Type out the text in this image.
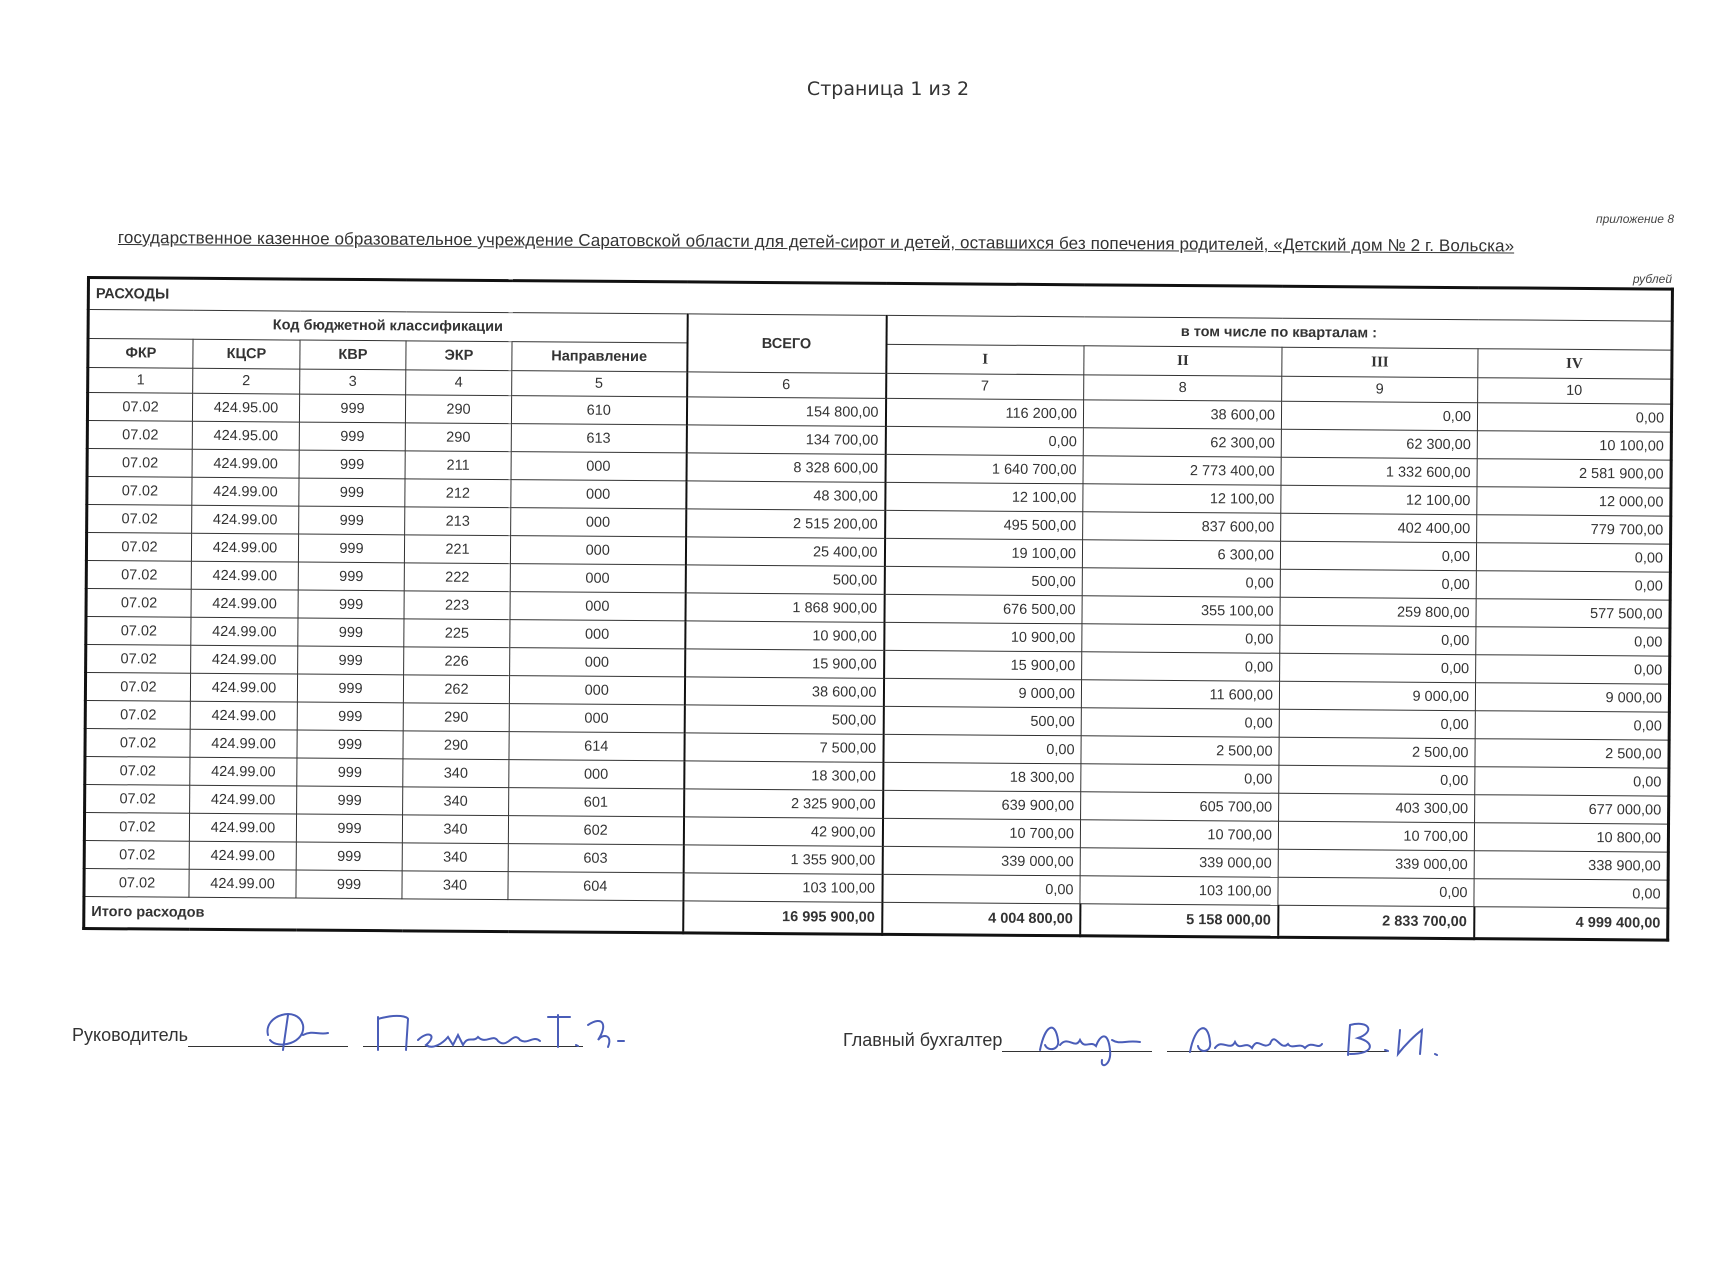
Страница 1 из 2
приложение 8
государственное казенное образовательное учреждение Саратовской области для детей-сирот и детей, оставшихся без попечения родителей, «Детский дом № 2 г. Вольска»
рублей
РАСХОДЫ									
Код бюджетной классификации					ВСЕГО	в том числе по кварталам :			
ФКР	КЦСР	КВР	ЭКР	Направление		I	II	III	IV
1	2	3	4	5	6	7	8	9	10
07.02	424.95.00	999	290	610	154 800,00	116 200,00	38 600,00	0,00	0,00
07.02	424.95.00	999	290	613	134 700,00	0,00	62 300,00	62 300,00	10 100,00
07.02	424.99.00	999	211	000	8 328 600,00	1 640 700,00	2 773 400,00	1 332 600,00	2 581 900,00
07.02	424.99.00	999	212	000	48 300,00	12 100,00	12 100,00	12 100,00	12 000,00
07.02	424.99.00	999	213	000	2 515 200,00	495 500,00	837 600,00	402 400,00	779 700,00
07.02	424.99.00	999	221	000	25 400,00	19 100,00	6 300,00	0,00	0,00
07.02	424.99.00	999	222	000	500,00	500,00	0,00	0,00	0,00
07.02	424.99.00	999	223	000	1 868 900,00	676 500,00	355 100,00	259 800,00	577 500,00
07.02	424.99.00	999	225	000	10 900,00	10 900,00	0,00	0,00	0,00
07.02	424.99.00	999	226	000	15 900,00	15 900,00	0,00	0,00	0,00
07.02	424.99.00	999	262	000	38 600,00	9 000,00	11 600,00	9 000,00	9 000,00
07.02	424.99.00	999	290	000	500,00	500,00	0,00	0,00	0,00
07.02	424.99.00	999	290	614	7 500,00	0,00	2 500,00	2 500,00	2 500,00
07.02	424.99.00	999	340	000	18 300,00	18 300,00	0,00	0,00	0,00
07.02	424.99.00	999	340	601	2 325 900,00	639 900,00	605 700,00	403 300,00	677 000,00
07.02	424.99.00	999	340	602	42 900,00	10 700,00	10 700,00	10 700,00	10 800,00
07.02	424.99.00	999	340	603	1 355 900,00	339 000,00	339 000,00	339 000,00	338 900,00
07.02	424.99.00	999	340	604	103 100,00	0,00	103 100,00	0,00	0,00
Итого расходов					16 995 900,00	4 004 800,00	5 158 000,00	2 833 700,00	4 999 400,00
Руководитель	Главный бухгалтер
